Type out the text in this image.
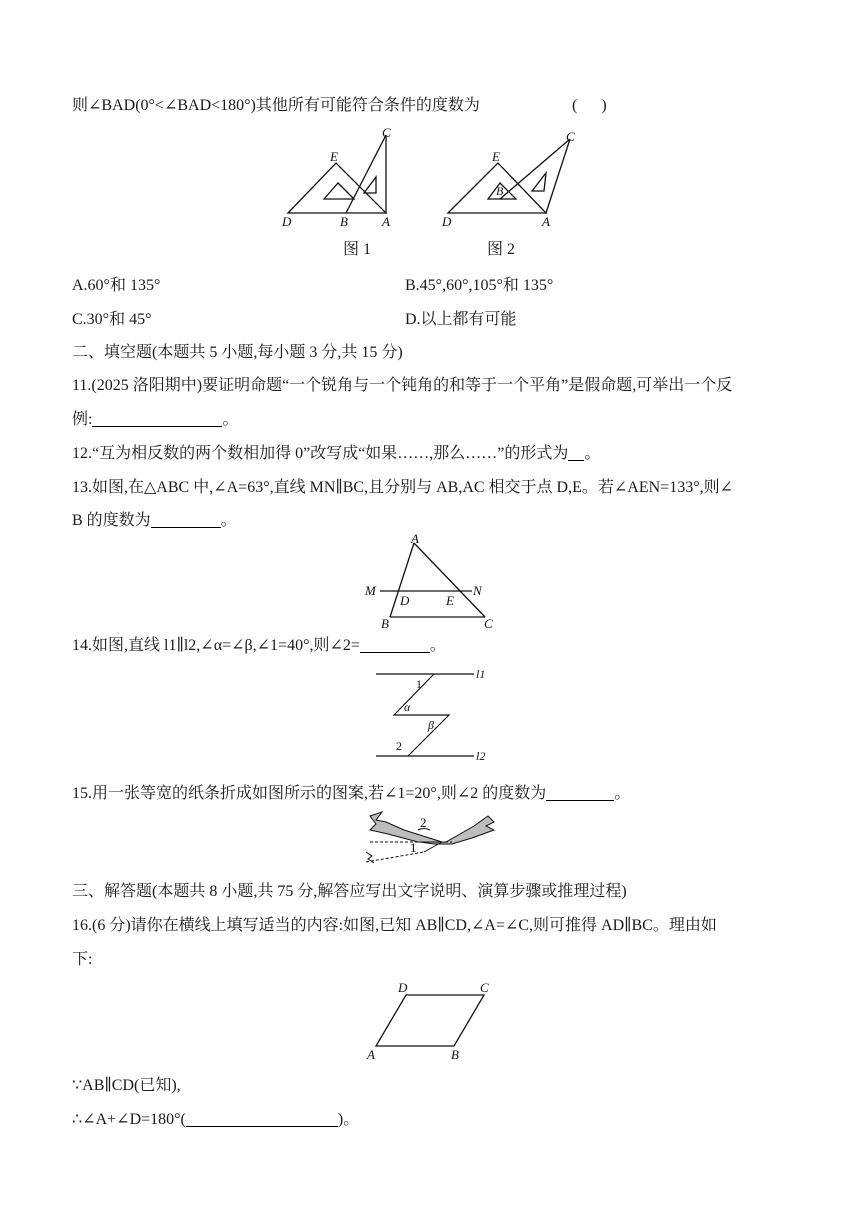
则∠BAD(0°<∠BAD<180°)其他所有可能符合条件的度数为	(      )
C
E
D	B	A
C
E
B
D	A
图 1	图 2
A.60°和 135°	B.45°,60°,105°和 135°
C.30°和 45°	D.以上都有可能
二、填空题(本题共 5 小题,每小题 3 分,共 15 分)
11.(2025 洛阳期中)要证明命题“一个锐角与一个钝角的和等于一个平角”是假命题,可举出一个反
例:	。
12.“互为相反数的两个数相加得 0”改写成“如果……,那么……”的形式为 。
13.如图,在△ABC 中,∠A=63°,直线 MN∥BC,且分别与 AB,AC 相交于点 D,E。若∠AEN=133°,则∠
B 的度数为	。
A
M
D	E
N
B	C
14.如图,直线 l1∥l2,∠α=∠β,∠1=40°,则∠2=	。
1
α
β
2
l1
l2
15.用一张等宽的纸条折成如图所示的图案,若∠1=20°,则∠2 的度数为	。
2
1
三、解答题(本题共 8 小题,共 75 分,解答应写出文字说明、演算步骤或推理过程)
16.(6 分)请你在横线上填写适当的内容:如图,已知 AB∥CD,∠A=∠C,则可推得 AD∥BC。理由如
下:
D	C
A	B
∵AB∥CD(已知),
∴∠A+∠D=180°(	)。
